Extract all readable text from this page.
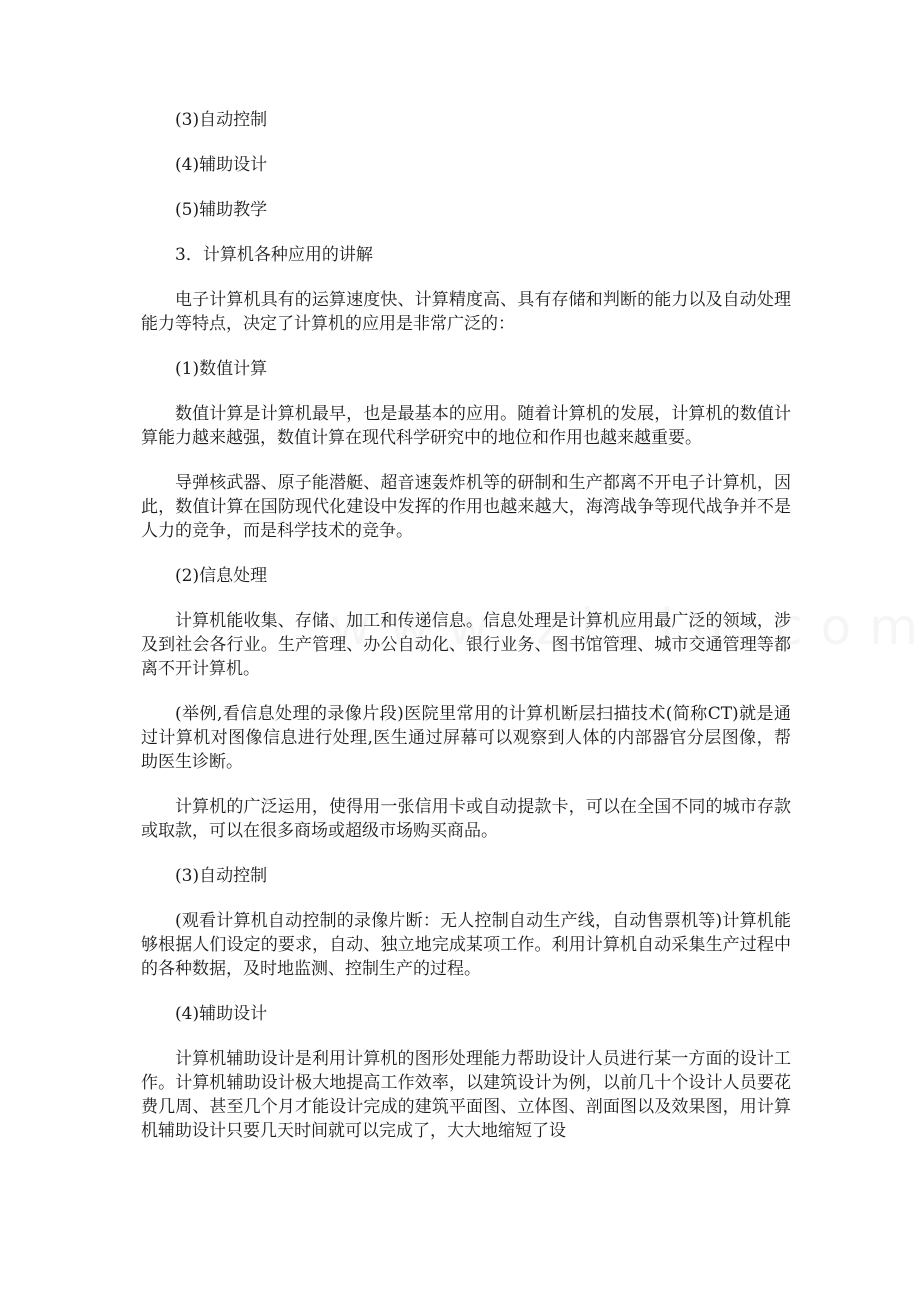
(3)自动控制

(4)辅助设计

(5)辅助教学

3．计算机各种应用的讲解

电子计算机具有的运算速度快、计算精度高、具有存储和判断的能力以及自动处理能力等特点，决定了计算机的应用是非常广泛的：

(1)数值计算

数值计算是计算机最早，也是最基本的应用。随着计算机的发展，计算机的数值计算能力越来越强，数值计算在现代科学研究中的地位和作用也越来越重要。

导弹核武器、原子能潜艇、超音速轰炸机等的研制和生产都离不开电子计算机，因此，数值计算在国防现代化建设中发挥的作用也越来越大，海湾战争等现代战争并不是人力的竞争，而是科学技术的竞争。

(2)信息处理

计算机能收集、存储、加工和传递信息。信息处理是计算机应用最广泛的领域，涉及到社会各行业。生产管理、办公自动化、银行业务、图书馆管理、城市交通管理等都离不开计算机。

(举例,看信息处理的录像片段)医院里常用的计算机断层扫描技术(简称CT)就是通过计算机对图像信息进行处理,医生通过屏幕可以观察到人体的内部器官分层图像，帮助医生诊断。

计算机的广泛运用，使得用一张信用卡或自动提款卡，可以在全国不同的城市存款或取款，可以在很多商场或超级市场购买商品。

(3)自动控制

(观看计算机自动控制的录像片断：无人控制自动生产线，自动售票机等)计算机能够根据人们设定的要求，自动、独立地完成某项工作。利用计算机自动采集生产过程中的各种数据，及时地监测、控制生产的过程。

(4)辅助设计

计算机辅助设计是利用计算机的图形处理能力帮助设计人员进行某一方面的设计工作。计算机辅助设计极大地提高工作效率，以建筑设计为例，以前几十个设计人员要花费几周、甚至几个月才能设计完成的建筑平面图、立体图、剖面图以及效果图，用计算机辅助设计只要几天时间就可以完成了，大大地缩短了设
